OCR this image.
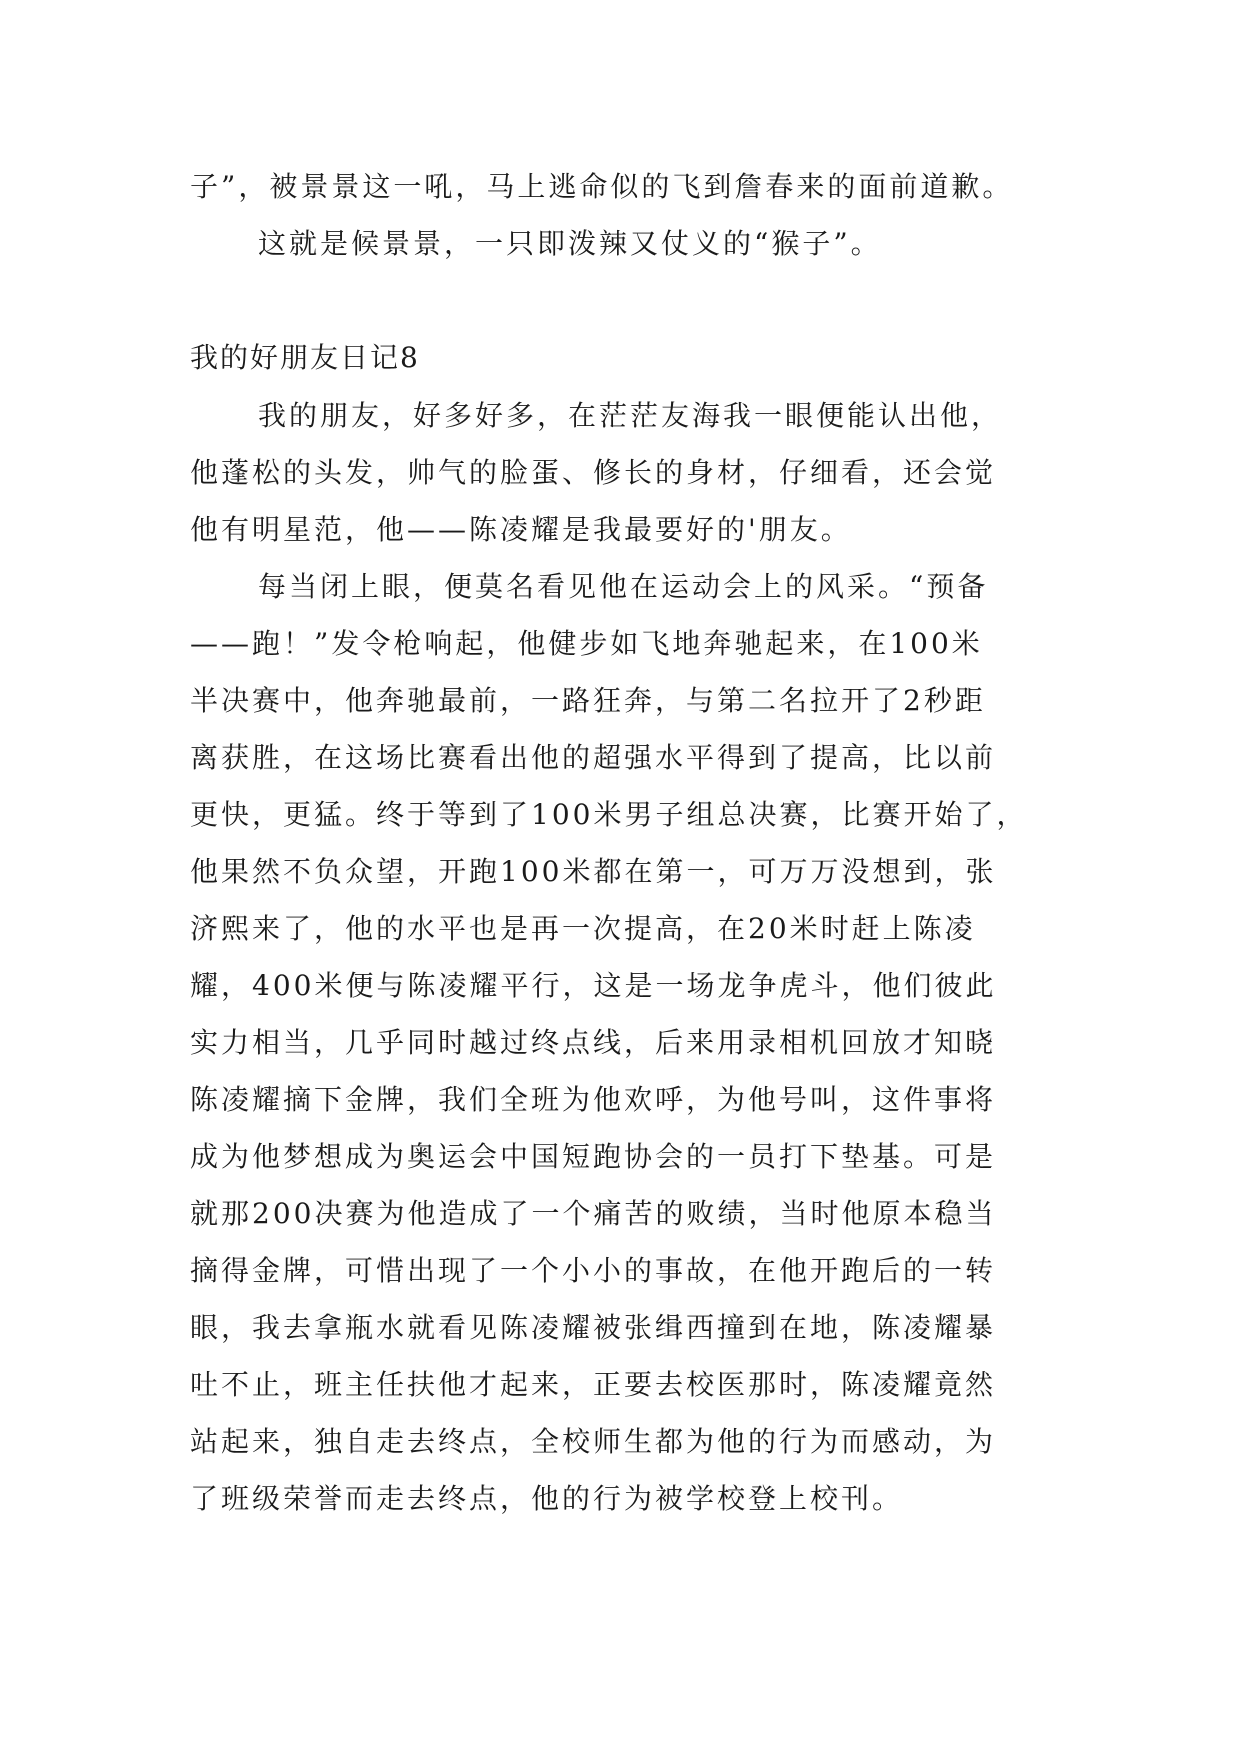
子”，被景景这一吼，马上逃命似的飞到詹春来的面前道歉。
这就是候景景，一只即泼辣又仗义的“猴子”。
我的好朋友日记8
我的朋友，好多好多，在茫茫友海我一眼便能认出他，
他蓬松的头发，帅气的脸蛋、修长的身材，仔细看，还会觉
他有明星范，他——陈凌耀是我最要好的'朋友。
每当闭上眼，便莫名看见他在运动会上的风采。“预备
——跑！”发令枪响起，他健步如飞地奔驰起来，在100米
半决赛中，他奔驰最前，一路狂奔，与第二名拉开了2秒距
离获胜，在这场比赛看出他的超强水平得到了提高，比以前
更快，更猛。终于等到了100米男子组总决赛，比赛开始了，
他果然不负众望，开跑100米都在第一，可万万没想到，张
济熙来了，他的水平也是再一次提高，在20米时赶上陈凌
耀，400米便与陈凌耀平行，这是一场龙争虎斗，他们彼此
实力相当，几乎同时越过终点线，后来用录相机回放才知晓
陈凌耀摘下金牌，我们全班为他欢呼，为他号叫，这件事将
成为他梦想成为奥运会中国短跑协会的一员打下垫基。可是
就那200决赛为他造成了一个痛苦的败绩，当时他原本稳当
摘得金牌，可惜出现了一个小小的事故，在他开跑后的一转
眼，我去拿瓶水就看见陈凌耀被张缉西撞到在地，陈凌耀暴
吐不止，班主任扶他才起来，正要去校医那时，陈凌耀竟然
站起来，独自走去终点，全校师生都为他的行为而感动，为
了班级荣誉而走去终点，他的行为被学校登上校刊。
